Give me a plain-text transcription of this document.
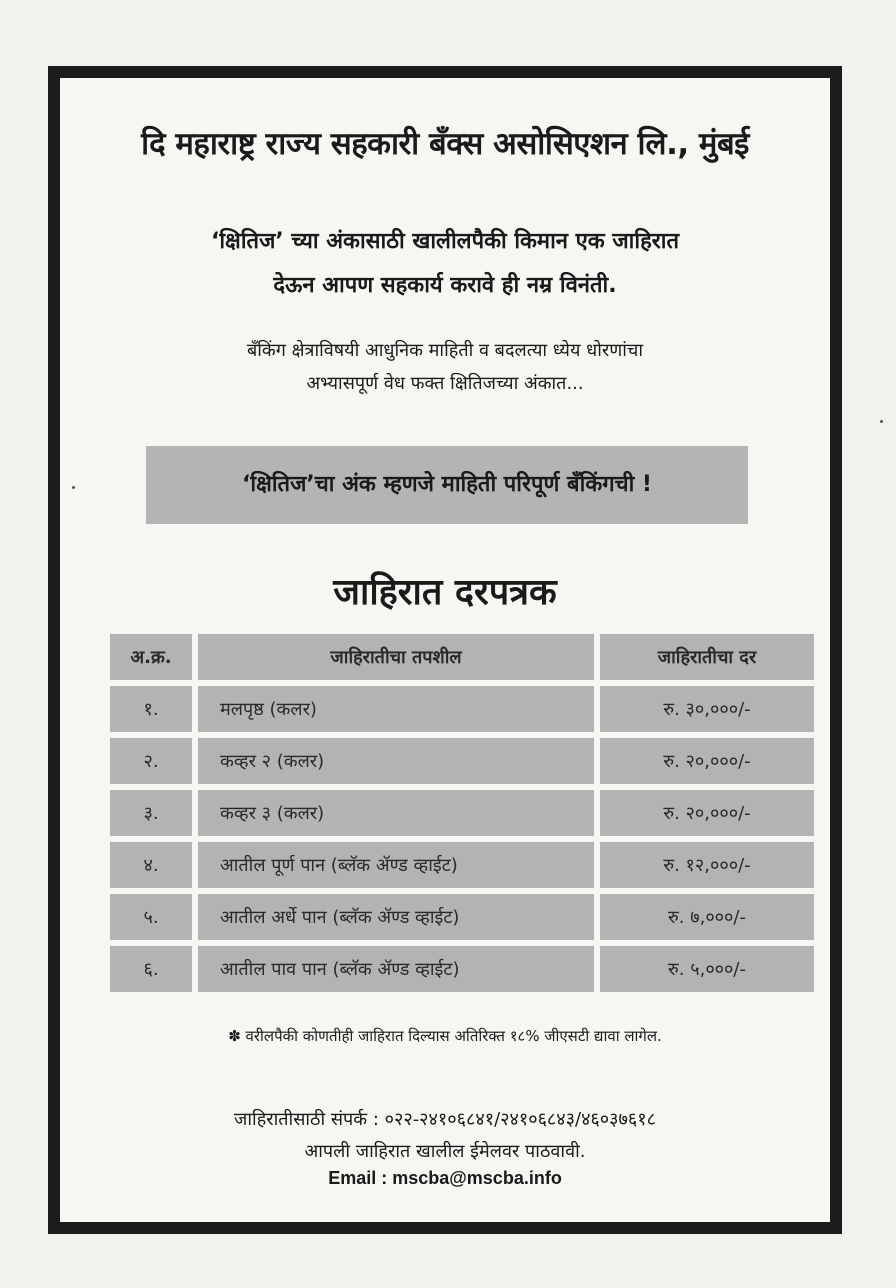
दि महाराष्ट्र राज्य सहकारी बँक्स असोसिएशन लि., मुंबई
‘क्षितिज’ च्या अंकासाठी खालीलपैकी किमान एक जाहिरात
देऊन आपण सहकार्य करावे ही नम्र विनंती.
बँकिंग क्षेत्राविषयी आधुनिक माहिती व बदलत्या ध्येय धोरणांचा
अभ्यासपूर्ण वेध फक्त क्षितिजच्या अंकात...
‘क्षितिज’चा अंक म्हणजे माहिती परिपूर्ण बँकिंगची !
जाहिरात दरपत्रक
अ.क्र.	जाहिरातीचा तपशील	जाहिरातीचा दर
१.	मलपृष्ठ (कलर)	रु. ३०,०००/-
२.	कव्हर २ (कलर)	रु. २०,०००/-
३.	कव्हर ३ (कलर)	रु. २०,०००/-
४.	आतील पूर्ण पान (ब्लॅक ॲण्ड व्हाईट)	रु. १२,०००/-
५.	आतील अर्धे पान (ब्लॅक ॲण्ड व्हाईट)	रु. ७,०००/-
६.	आतील पाव पान (ब्लॅक ॲण्ड व्हाईट)	रु. ५,०००/-
✽ वरीलपैकी कोणतीही जाहिरात दिल्यास अतिरिक्त १८% जीएसटी द्यावा लागेल.
जाहिरातीसाठी संपर्क : ०२२-२४१०६८४१/२४१०६८४३/४६०३७६१८
आपली जाहिरात खालील ईमेलवर पाठवावी.
Email : mscba@mscba.info
